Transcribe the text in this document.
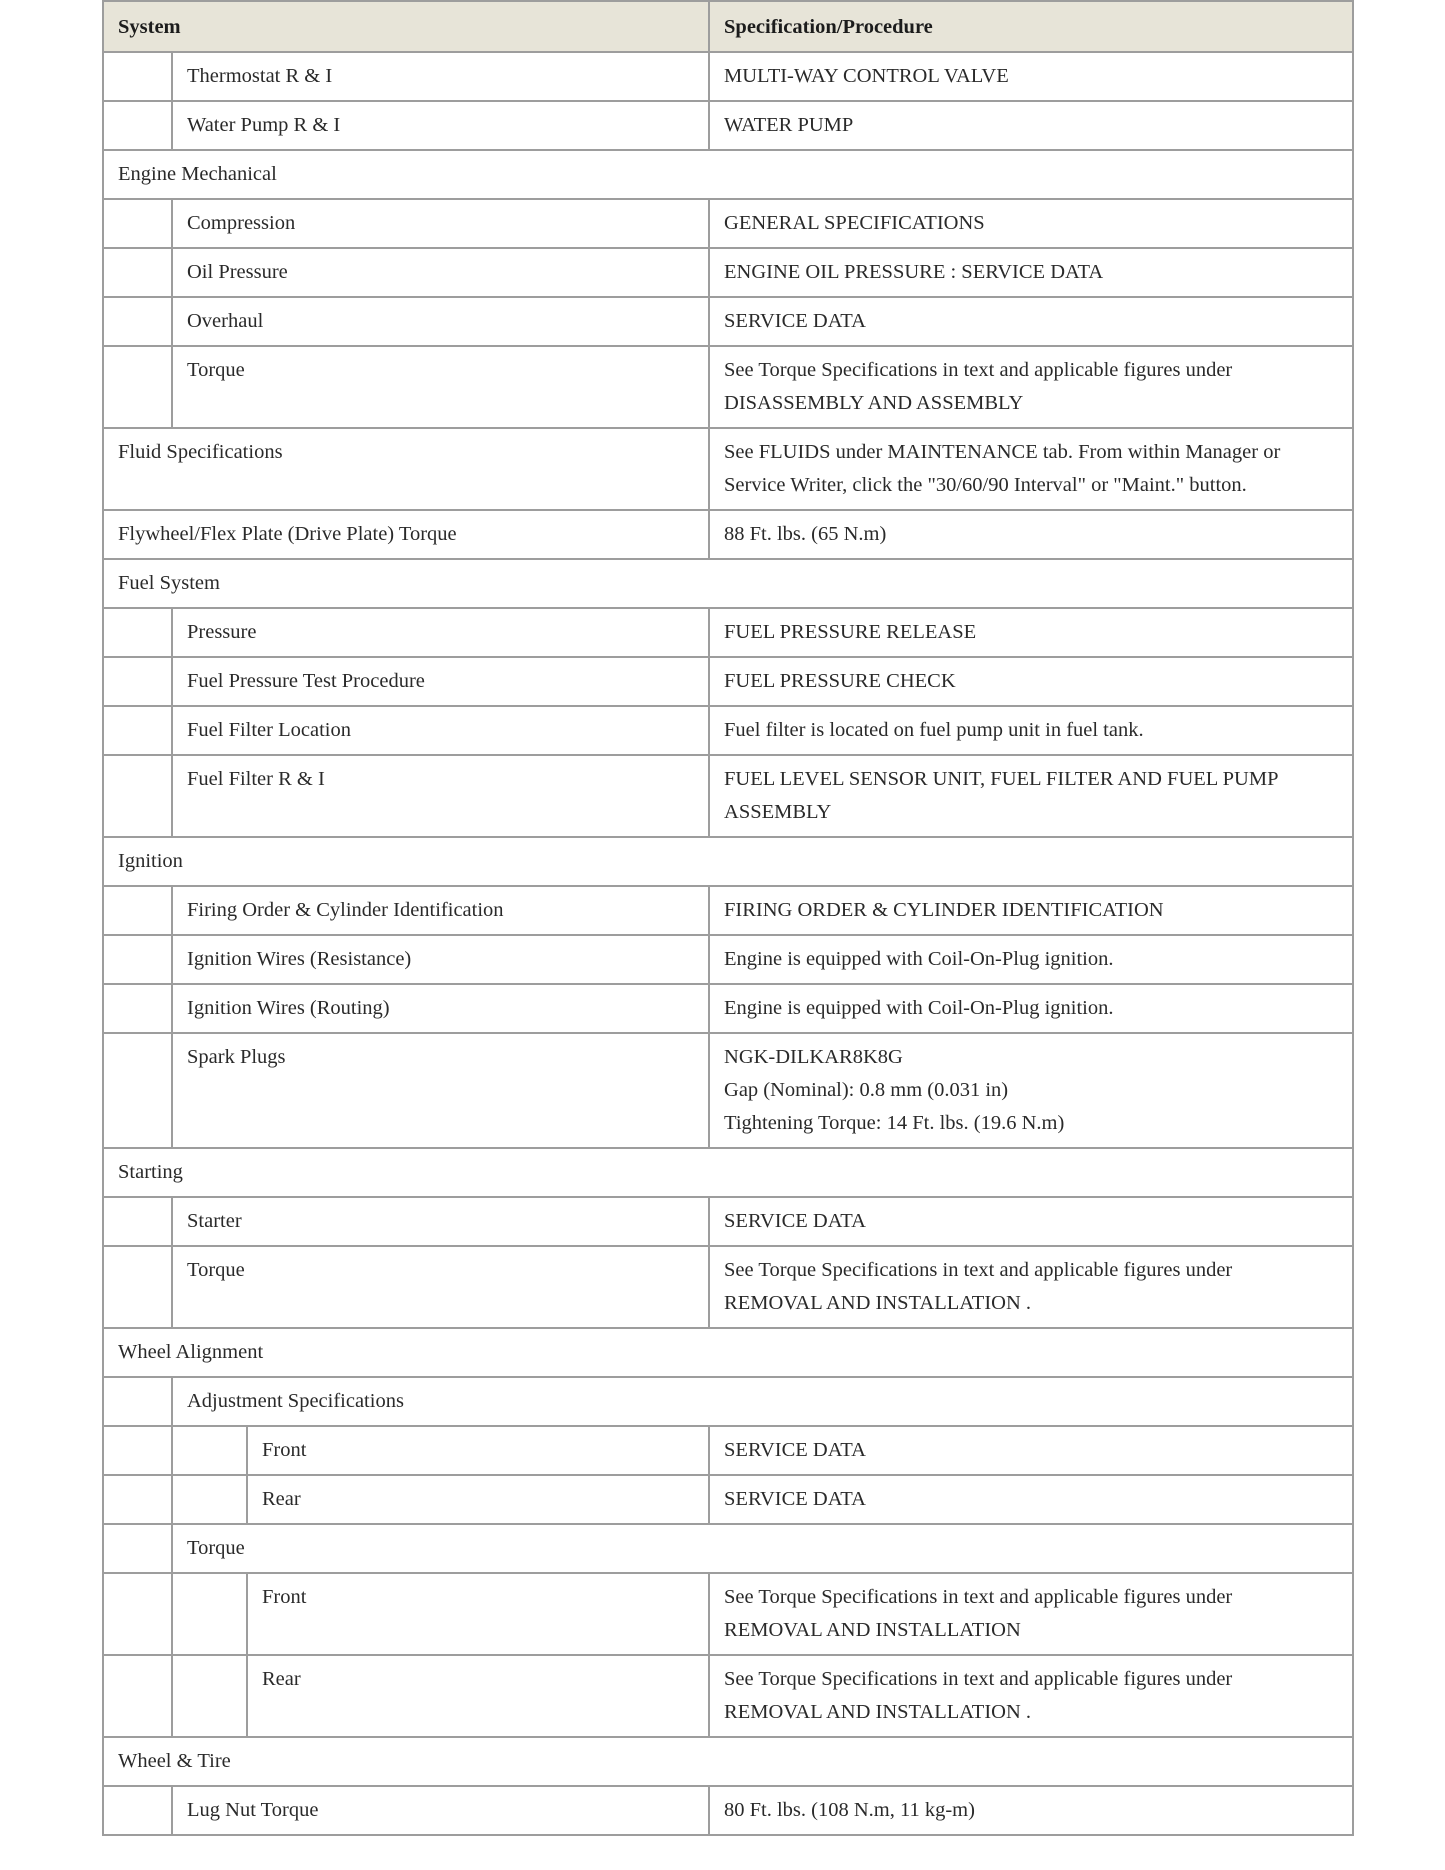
System			Specification/Procedure
	Thermostat R & I		MULTI-WAY CONTROL VALVE

	Water Pump R & I		WATER PUMP

Engine Mechanical			
	Compression		GENERAL SPECIFICATIONS

	Oil Pressure		ENGINE OIL PRESSURE : SERVICE DATA

	Overhaul		SERVICE DATA

	Torque		See Torque Specifications in text and applicable figures under
DISASSEMBLY AND ASSEMBLY

Fluid Specifications			See FLUIDS under MAINTENANCE tab. From within Manager or
Service Writer, click the "30/60/90 Interval" or "Maint." button.

Flywheel/Flex Plate (Drive Plate) Torque			88 Ft. lbs. (65 N.m)

Fuel System			
	Pressure		FUEL PRESSURE RELEASE

	Fuel Pressure Test Procedure		FUEL PRESSURE CHECK

	Fuel Filter Location		Fuel filter is located on fuel pump unit in fuel tank.

	Fuel Filter R & I		FUEL LEVEL SENSOR UNIT, FUEL FILTER AND FUEL PUMP
ASSEMBLY

Ignition			
	Firing Order & Cylinder Identification		FIRING ORDER & CYLINDER IDENTIFICATION

	Ignition Wires (Resistance)		Engine is equipped with Coil-On-Plug ignition.

	Ignition Wires (Routing)		Engine is equipped with Coil-On-Plug ignition.

	Spark Plugs		NGK-DILKAR8K8G
Gap (Nominal): 0.8 mm (0.031 in)
Tightening Torque: 14 Ft. lbs. (19.6 N.m)

Starting			
	Starter		SERVICE DATA

	Torque		See Torque Specifications in text and applicable figures under
REMOVAL AND INSTALLATION .

Wheel Alignment			
	Adjustment Specifications		
		Front	SERVICE DATA

		Rear	SERVICE DATA

	Torque		
		Front	See Torque Specifications in text and applicable figures under
REMOVAL AND INSTALLATION

		Rear	See Torque Specifications in text and applicable figures under
REMOVAL AND INSTALLATION .

Wheel & Tire			
	Lug Nut Torque		80 Ft. lbs. (108 N.m, 11 kg-m)
